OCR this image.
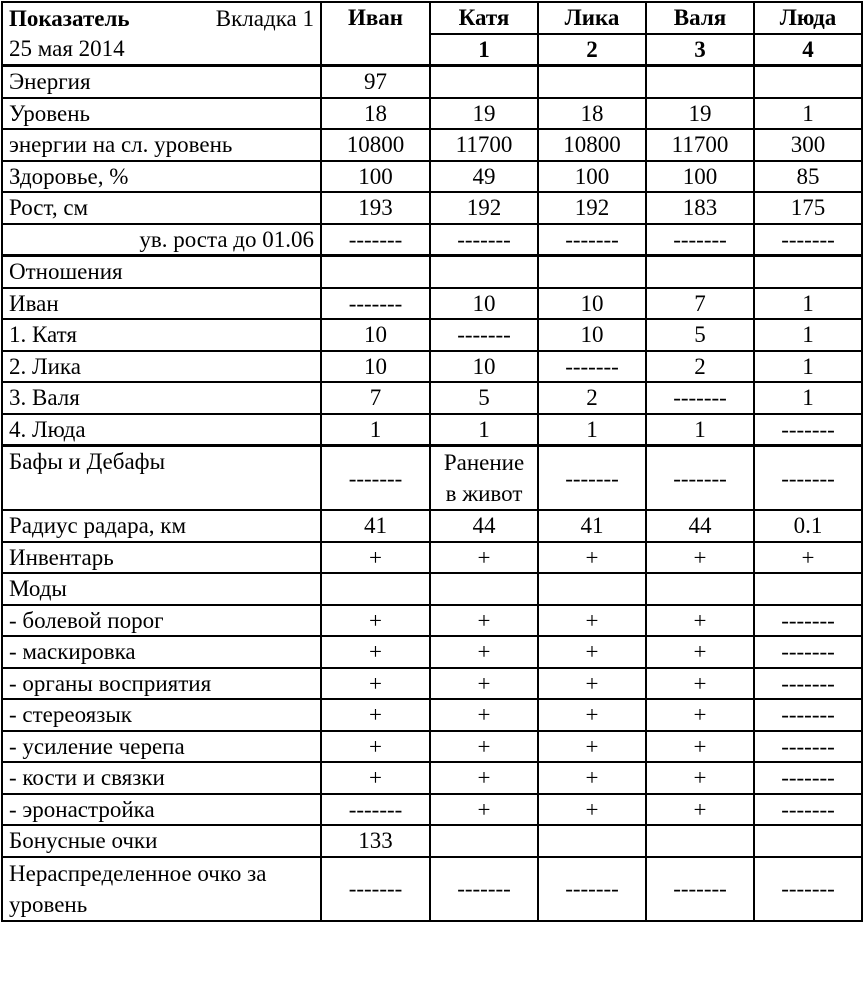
Показатель Вкладка 1	Иван	Катя	Лика	Валя	Люда
25 мая 2014		1	2	3	4
Энергия	97				
Уровень	18	19	18	19	1
энергии на сл. уровень	10800	11700	10800	11700	300
Здоровье, %	100	49	100	100	85
Рост, см	193	192	192	183	175
ув. роста до 01.06	-------	-------	-------	-------	-------
Отношения					
Иван	-------	10	10	7	1
1. Катя	10	-------	10	5	1
2. Лика	10	10	-------	2	1
3. Валя	7	5	2	-------	1
4. Люда	1	1	1	1	-------
Бафы и Дебафы	-------	Ранение в живот	-------	-------	-------
Радиус радара, км	41	44	41	44	0.1
Инвентарь	+	+	+	+	+
Моды					
- болевой порог	+	+	+	+	-------
- маскировка	+	+	+	+	-------
- органы восприятия	+	+	+	+	-------
- стереоязык	+	+	+	+	-------
- усиление черепа	+	+	+	+	-------
- кости и связки	+	+	+	+	-------
- эронастройка	-------	+	+	+	-------
Бонусные очки	133				
Нераспределенное очко за уровень	-------	-------	-------	-------	-------
